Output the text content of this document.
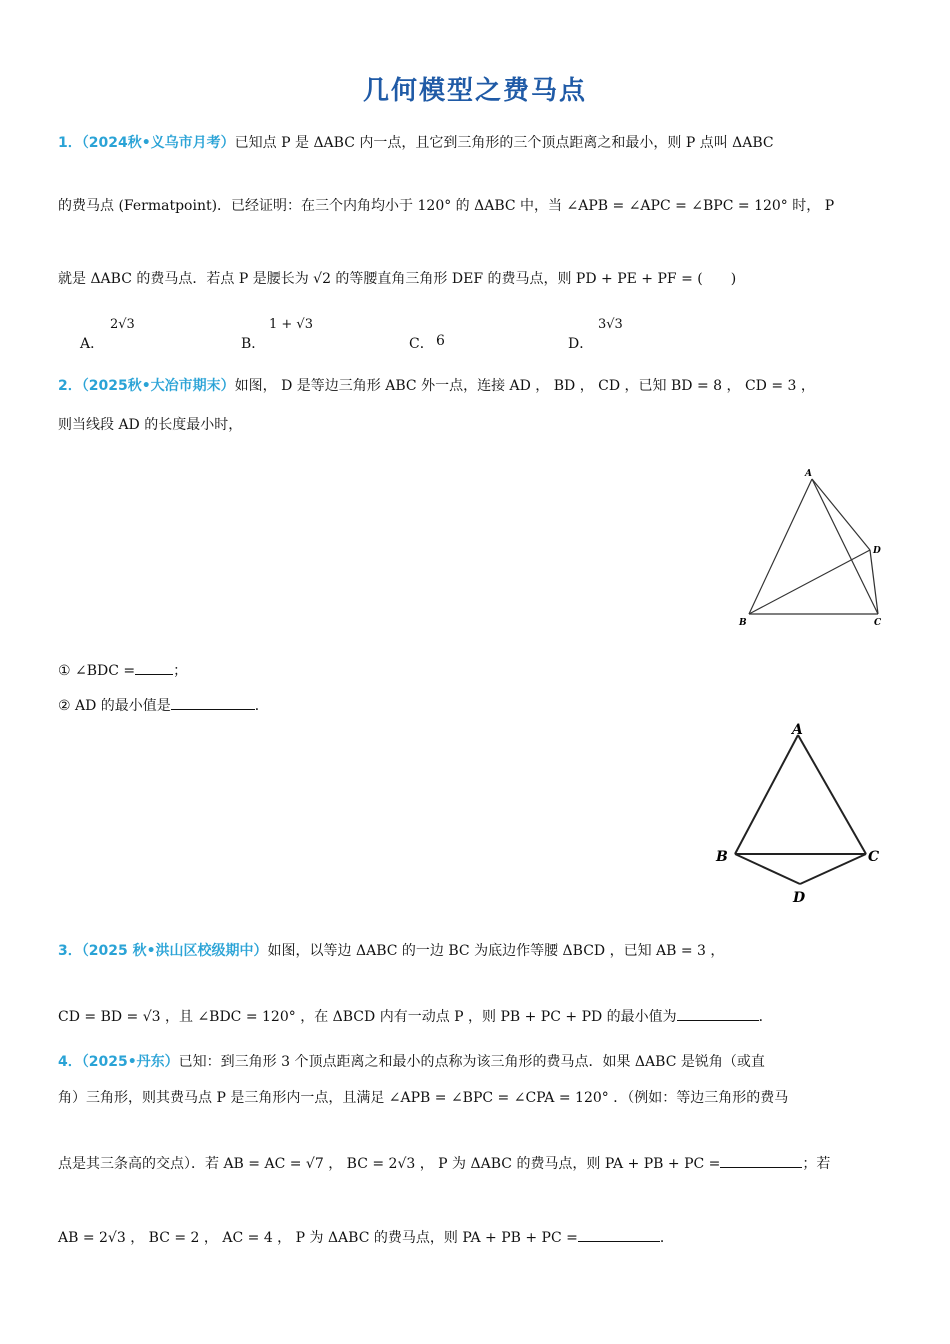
几何模型之费马点
1．（2024秋•义乌市月考）已知点 P 是 ΔABC 内一点，且它到三角形的三个顶点距离之和最小，则 P 点叫 ΔABC
的费马点 (Fermatpoint)．已经证明：在三个内角均小于 120° 的 ΔABC 中，当 ∠APB = ∠APC = ∠BPC = 120° 时， P
就是 ΔABC 的费马点．若点 P 是腰长为 √2 的等腰直角三角形 DEF 的费马点，则 PD + PE + PF = (　　)
A．
2√3
B．
1 + √3
C． 6	D．
3√3
2．（2025秋•大冶市期末）如图， D 是等边三角形 ABC 外一点，连接 AD ， BD ， CD ，已知 BD = 8 ， CD = 3 ，
则当线段 AD 的长度最小时，
A
B	C
D
① ∠BDC =	；
② AD 的最小值是	．
A
B	C
D
3．（2025 秋•洪山区校级期中）如图，以等边 ΔABC 的一边 BC 为底边作等腰 ΔBCD ，已知 AB = 3 ，
CD = BD = √3 ，且 ∠BDC = 120° ，在 ΔBCD 内有一动点 P ，则 PB + PC + PD 的最小值为	．
4．（2025•丹东）已知：到三角形 3 个顶点距离之和最小的点称为该三角形的费马点．如果 ΔABC 是锐角（或直
角）三角形，则其费马点 P 是三角形内一点，且满足 ∠APB = ∠BPC = ∠CPA = 120° ．（例如：等边三角形的费马
点是其三条高的交点）．若 AB = AC = √7 ， BC = 2√3 ， P 为 ΔABC 的费马点，则 PA + PB + PC =	；若
AB = 2√3 ， BC = 2 ， AC = 4 ， P 为 ΔABC 的费马点，则 PA + PB + PC =	．
